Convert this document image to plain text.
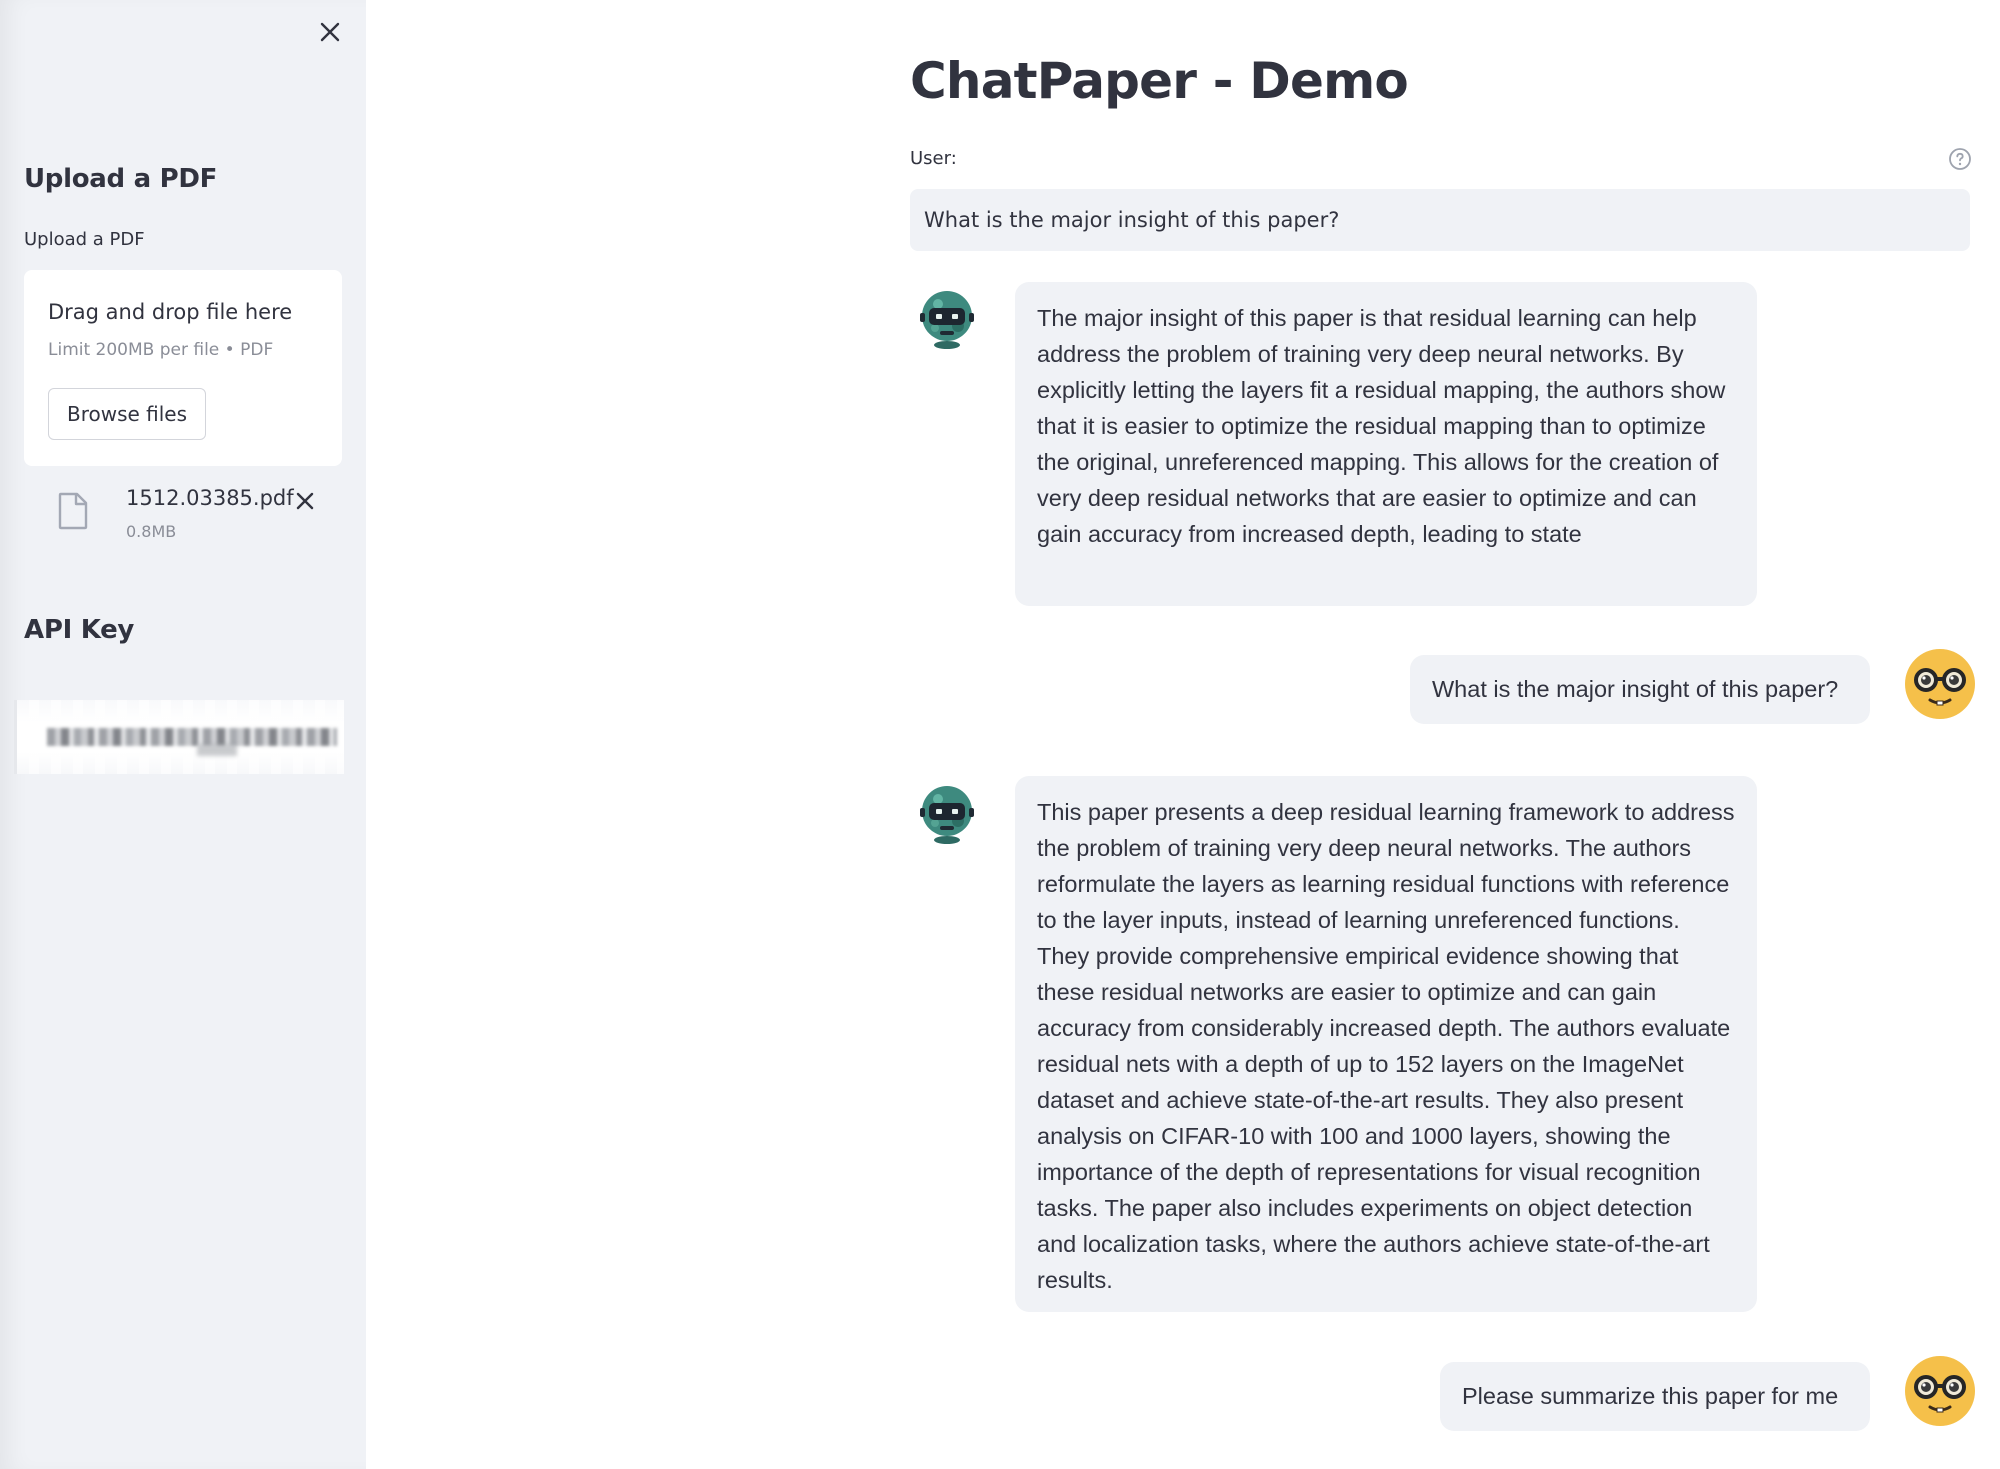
Upload a PDF
Upload a PDF
Drag and drop file here
Limit 200MB per file • PDF
Browse files
1512.03385.pdf
0.8MB
API Key
ChatPaper - Demo
User:
What is the major insight of this paper?
The major insight of this paper is that residual learning can help address the problem of training very deep neural networks. By explicitly letting the layers fit a residual mapping, the authors show that it is easier to optimize the residual mapping than to optimize the original, unreferenced mapping. This allows for the creation of very deep residual networks that are easier to optimize and can gain accuracy from increased depth, leading to state
What is the major insight of this paper?
This paper presents a deep residual learning framework to address the problem of training very deep neural networks. The authors reformulate the layers as learning residual functions with reference to the layer inputs, instead of learning unreferenced functions. They provide comprehensive empirical evidence showing that these residual networks are easier to optimize and can gain accuracy from considerably increased depth. The authors evaluate residual nets with a depth of up to 152 layers on the ImageNet dataset and achieve state-of-the-art results. They also present analysis on CIFAR-10 with 100 and 1000 layers, showing the importance of the depth of representations for visual recognition tasks. The paper also includes experiments on object detection and localization tasks, where the authors achieve state-of-the-art results.
Please summarize this paper for me
